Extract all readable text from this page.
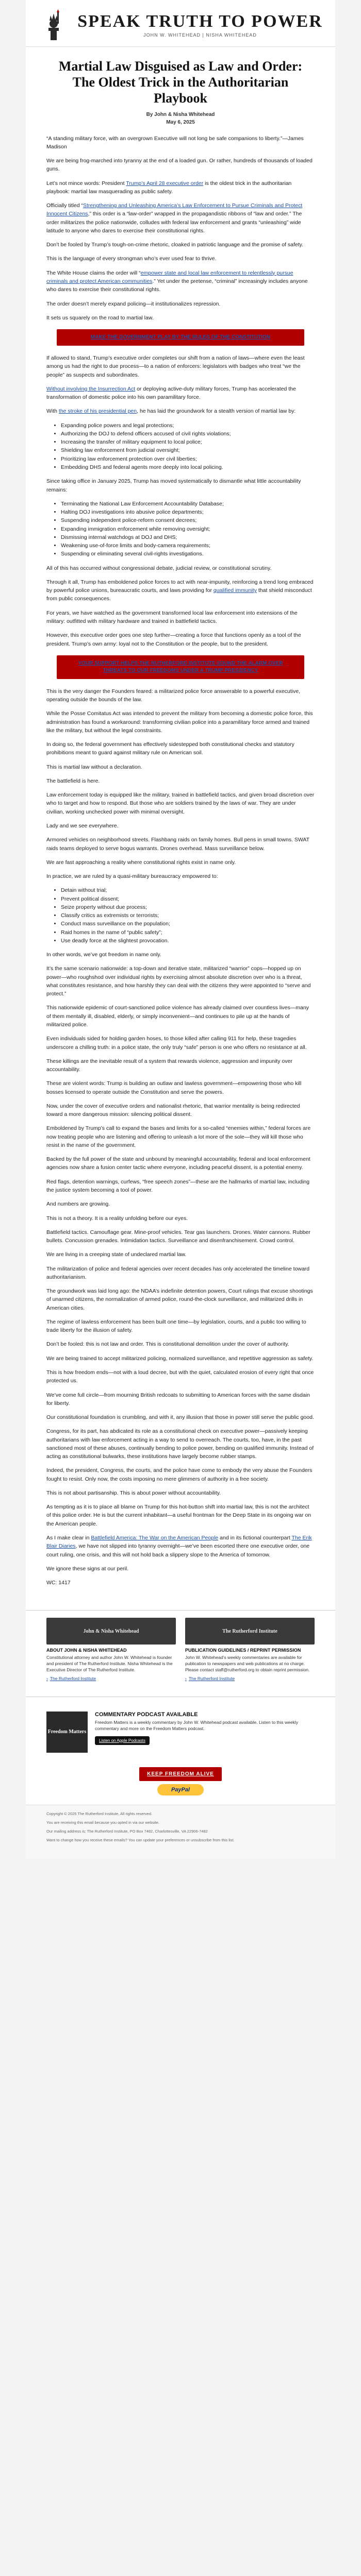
SPEAK TRUTH TO POWER
JOHN W. WHITEHEAD | NISHA WHITEHEAD
Martial Law Disguised as Law and Order: The Oldest Trick in the Authoritarian Playbook
By John & Nisha Whitehead
May 6, 2025

“A standing military force, with an overgrown Executive will not long be safe companions to liberty.”—James Madison

We are being frog-marched into tyranny at the end of a loaded gun. Or rather, hundreds of thousands of loaded guns.

Let’s not mince words: President Trump’s April 28 executive order is the oldest trick in the authoritarian playbook: martial law masquerading as public safety.

Officially titled “Strengthening and Unleashing America’s Law Enforcement to Pursue Criminals and Protect Innocent Citizens,” this order is a “law-order” wrapped in the propagandistic ribbons of “law and order.” The order militarizes the police nationwide, colludes with federal law enforcement and grants “unleashing” wide latitude to anyone who dares to exercise their constitutional rights.

Don’t be fooled by Trump’s tough-on-crime rhetoric, cloaked in patriotic language and the promise of safety.

This is the language of every strongman who’s ever used fear to thrive.

The White House claims the order will “empower state and local law enforcement to relentlessly pursue criminals and protect American communities.” Yet under the pretense, “criminal” increasingly includes anyone who dares to exercise their constitutional rights.

The order doesn’t merely expand policing—it institutionalizes repression.

It sets us squarely on the road to martial law.

MAKE THE GOVERNMENT PLAY BY THE RULES OF THE CONSTITUTION

If allowed to stand, Trump’s executive order completes our shift from a nation of laws—where even the least among us had the right to due process—to a nation of enforcers: legislators with badges who treat “we the people” as suspects and subordinates.

Without involving the Insurrection Act or deploying active-duty military forces, Trump has accelerated the transformation of domestic police into his own paramilitary force.

With the stroke of his presidential pen, he has laid the groundwork for a stealth version of martial law by:

• Expanding police powers and legal protections;
• Authorizing the DOJ to defend officers accused of civil rights violations;
• Increasing the transfer of military equipment to local police;
• Shielding law enforcement from judicial oversight;
• Prioritizing law enforcement protection over civil liberties;
• Embedding DHS and federal agents more deeply into local policing.

Since taking office in January 2025, Trump has moved systematically to dismantle what little accountability remains:

• Terminating the National Law Enforcement Accountability Database;
• Halting DOJ investigations into abusive police departments;
• Suspending independent police-reform consent decrees;
• Expanding immigration enforcement while removing oversight;
• Dismissing internal watchdogs at DOJ and DHS;
• Weakening use-of-force limits and body-camera requirements;
• Suspending or eliminating several civil-rights investigations.

All of this has occurred without congressional debate, judicial review, or constitutional scrutiny.

Through it all, Trump has emboldened police forces to act with near-impunity, reinforcing a trend long embraced by powerful police unions, bureaucratic courts, and laws providing for qualified immunity that shield misconduct from public consequences.

For years, we have watched as the government transformed local law enforcement into extensions of the military: outfitted with military hardware and trained in battlefield tactics.

However, this executive order goes one step further—creating a force that functions openly as a tool of the president. Trump’s own army: loyal not to the Constitution or the people, but to the president.

YOUR SUPPORT HELPS THE RUTHERFORD INSTITUTE SOUND THE ALARM OVER THREATS TO OUR FREEDOMS UNDER A TRUMP PRESIDENCY

This is the very danger the Founders feared: a militarized police force answerable to a powerful executive, operating outside the bounds of the law.

While the Posse Comitatus Act was intended to prevent the military from becoming a domestic police force, this administration has found a workaround: transforming civilian police into a paramilitary force armed and trained like the military, but without the legal constraints.

In doing so, the federal government has effectively sidestepped both constitutional checks and statutory prohibitions meant to guard against military rule on American soil.

This is martial law without a declaration.

The battlefield is here.

Law enforcement today is equipped like the military, trained in battlefield tactics, and given broad discretion over who to target and how to respond. But those who are soldiers trained by the laws of war. They are under civilian, working unchecked power with minimal oversight.

Lady and we see everywhere.

Armored vehicles on neighborhood streets. Flashbang raids on family homes. Bull pens in small towns. SWAT raids teams deployed to serve bogus warrants. Drones overhead. Mass surveillance below.

We are fast approaching a reality where constitutional rights exist in name only.

In practice, we are ruled by a quasi-military bureaucracy empowered to:

• Detain without trial;
• Prevent political dissent;
• Seize property without due process;
• Classify critics as extremists or terrorists;
• Conduct mass surveillance on the population;
• Raid homes in the name of “public safety”;
• Use deadly force at the slightest provocation.

In other words, we’ve got freedom in name only.

It’s the same scenario nationwide: a top-down and iterative state, militarized “warrior” cops—hopped up on power—who roughshod over individual rights by exercising almost absolute discretion over who is a threat, what constitutes resistance, and how harshly they can deal with the citizens they were appointed to “serve and protect.”

This nationwide epidemic of court-sanctioned police violence has already claimed over countless lives—many of them mentally ill, disabled, elderly, or simply inconvenient—and continues to pile up at the hands of militarized police.

Even individuals sided for holding garden hoses, to those killed after calling 911 for help, these tragedies underscore a chilling truth: in a police state, the only truly “safe” person is one who offers no resistance at all.

These killings are the inevitable result of a system that rewards violence, aggression and impunity over accountability.

These are violent words: Trump is building an outlaw and lawless government—empowering those who kill bosses licensed to operate outside the Constitution and serve the powers.

Now, under the cover of executive orders and nationalist rhetoric, that warrior mentality is being redirected toward a more dangerous mission: silencing political dissent.

Emboldened by Trump’s call to expand the bases and limits for a so-called “enemies within,” federal forces are now treating people who are listening and offering to unleash a lot more of the sole—they will kill those who resist in the name of the government.

Backed by the full power of the state and unbound by meaningful accountability, federal and local enforcement agencies now share a fusion center tactic where everyone, including peaceful dissent, is a potential enemy.

Red flags, detention warnings, curfews, “free speech zones”—these are the hallmarks of martial law, including the justice system becoming a tool of power.

And numbers are growing.

This is not a theory. It is a reality unfolding before our eyes.

Battlefield tactics. Camouflage gear. Mine-proof vehicles. Tear gas launchers. Drones. Water cannons. Rubber bullets. Concussion grenades. Intimidation tactics. Surveillance and disenfranchisement. Crowd control.

We are living in a creeping state of undeclared martial law.

The militarization of police and federal agencies over recent decades has only accelerated the timeline toward authoritarianism.

The groundwork was laid long ago: the NDAA’s indefinite detention powers, Court rulings that excuse shootings of unarmed citizens, the normalization of armed police, round-the-clock surveillance, and militarized drills in American cities.

The regime of lawless enforcement has been built one time—by legislation, courts, and a public too willing to trade liberty for the illusion of safety.

Don’t be fooled: this is not law and order. This is constitutional demolition under the cover of authority.

We are being trained to accept militarized policing, normalized surveillance, and repetitive aggression as safety.

This is how freedom ends—not with a loud decree, but with the quiet, calculated erosion of every right that once protected us.

We’ve come full circle—from mourning British redcoats to submitting to American forces with the same disdain for liberty.

Our constitutional foundation is crumbling, and with it, any illusion that those in power still serve the public good.

Congress, for its part, has abdicated its role as a constitutional check on executive power—passively keeping authoritarians with law enforcement acting in a way to send to overreach. The courts, too, have, in the past sanctioned most of these abuses, continually bending to police power, bending on qualified immunity. Instead of acting as constitutional bulwarks, these institutions have largely become rubber stamps.

Indeed, the president, Congress, the courts, and the police have come to embody the very abuse the Founders fought to resist. Only now, the costs imposing no mere glimmers of authority in a free society.

This is not about partisanship. This is about power without accountability.

As tempting as it is to place all blame on Trump for this hot-button shift into martial law, this is not the architect of this police order. He is but the current inhabitant—a useful frontman for the Deep State in its ongoing war on the American people.

As I make clear in Battlefield America: The War on the American People and in its fictional counterpart The Erik Blair Diaries, we have not slipped into tyranny overnight—we’ve been escorted there one executive order, one court ruling, one crisis, and this will not hold back a slippery slope to the America of tomorrow.

We ignore these signs at our peril.

WC: 1417

John & Nisha Whitehead
ABOUT JOHN & NISHA WHITEHEAD
Constitutional attorney and author John W. Whitehead is founder and president of The Rutherford Institute. Nisha Whitehead is the Executive Director of The Rutherford Institute.
› The Rutherford Institute
The Rutherford Institute
PUBLICATION GUIDELINES / REPRINT PERMISSION
John W. Whitehead’s weekly commentaries are available for publication to newspapers and web publications at no charge. Please contact staff@rutherford.org to obtain reprint permission.
› The Rutherford Institute
Freedom Matters
COMMENTARY PODCAST AVAILABLE
Freedom Matters is a weekly commentary by John W. Whitehead podcast available. Listen to this weekly commentary and more on the Freedom Matters podcast.
Listen on Apple Podcasts
KEEP FREEDOM ALIVE
PayPal

Copyright © 2025 The Rutherford Institute, All rights reserved.

You are receiving this email because you opted in via our website.

Our mailing address is: The Rutherford Institute, PO Box 7482, Charlottesville, VA 22906-7482

Want to change how you receive these emails? You can update your preferences or unsubscribe from this list.
